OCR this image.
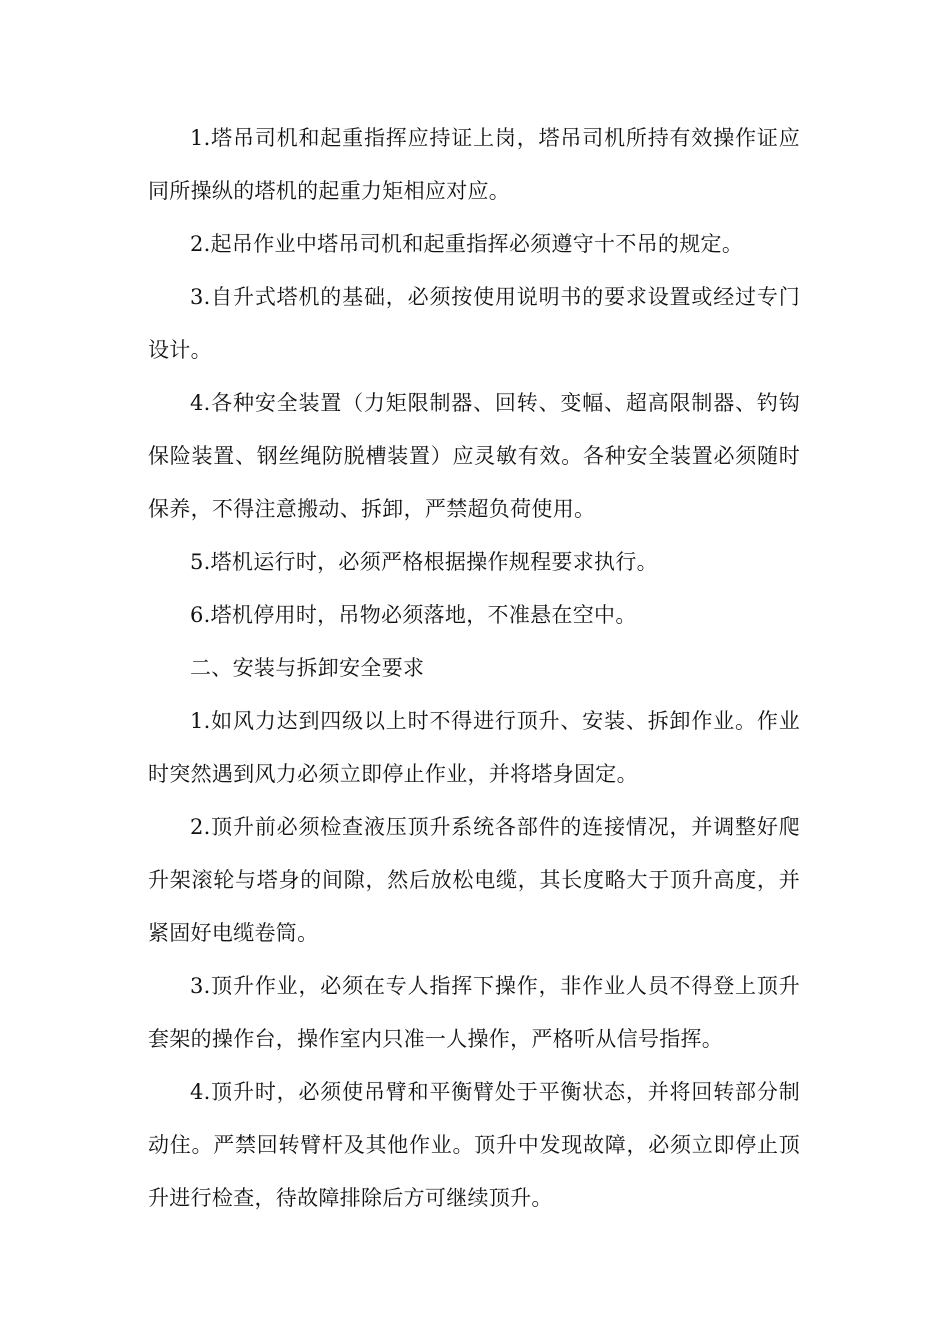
1.塔吊司机和起重指挥应持证上岗，塔吊司机所持有效操作证应同所操纵的塔机的起重力矩相应对应。

2.起吊作业中塔吊司机和起重指挥必须遵守十不吊的规定。

3.自升式塔机的基础，必须按使用说明书的要求设置或经过专门设计。

4.各种安全装置（力矩限制器、回转、变幅、超高限制器、钓钩保险装置、钢丝绳防脱槽装置）应灵敏有效。各种安全装置必须随时保养，不得注意搬动、拆卸，严禁超负荷使用。

5.塔机运行时，必须严格根据操作规程要求执行。

6.塔机停用时，吊物必须落地，不准悬在空中。

二、安装与拆卸安全要求

1.如风力达到四级以上时不得进行顶升、安装、拆卸作业。作业时突然遇到风力必须立即停止作业，并将塔身固定。

2.顶升前必须检查液压顶升系统各部件的连接情况，并调整好爬升架滚轮与塔身的间隙，然后放松电缆，其长度略大于顶升高度，并紧固好电缆卷筒。

3.顶升作业，必须在专人指挥下操作，非作业人员不得登上顶升套架的操作台，操作室内只准一人操作，严格听从信号指挥。

4.顶升时，必须使吊臂和平衡臂处于平衡状态，并将回转部分制动住。严禁回转臂杆及其他作业。顶升中发现故障，必须立即停止顶升进行检查，待故障排除后方可继续顶升。
